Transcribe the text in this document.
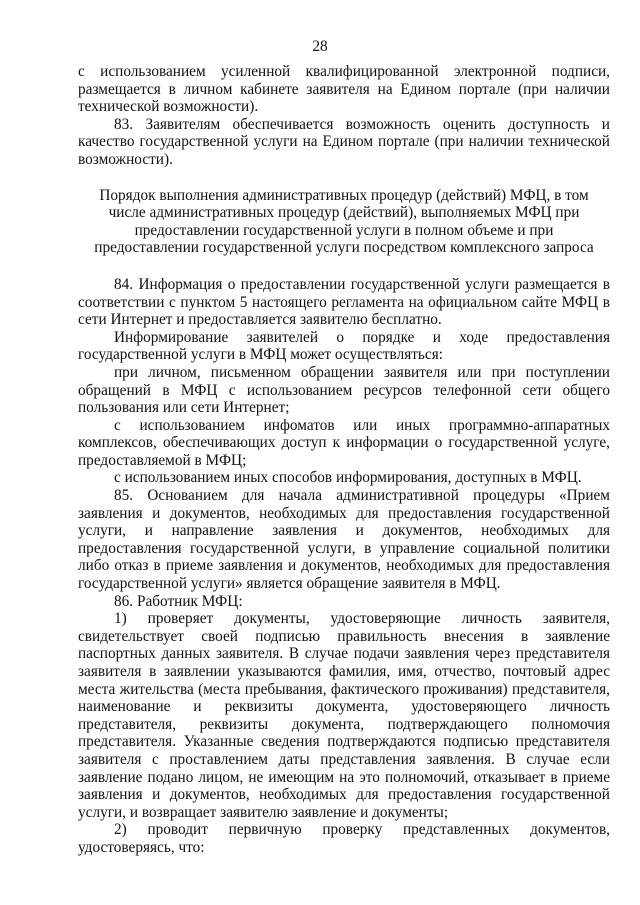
28

с использованием усиленной квалифицированной электронной подписи, размещается в личном кабинете заявителя на Едином портале (при наличии технической возможности).

83. Заявителям обеспечивается возможность оценить доступность и качество государственной услуги на Едином портале (при наличии технической возможности).

Порядок выполнения административных процедур (действий) МФЦ, в том числе административных процедур (действий), выполняемых МФЦ при предоставлении государственной услуги в полном объеме и при предоставлении государственной услуги посредством комплексного запроса

84. Информация о предоставлении государственной услуги размещается в соответствии с пунктом 5 настоящего регламента на официальном сайте МФЦ в сети Интернет и предоставляется заявителю бесплатно.

Информирование заявителей о порядке и ходе предоставления государственной услуги в МФЦ может осуществляться:

при личном, письменном обращении заявителя или при поступлении обращений в МФЦ с использованием ресурсов телефонной сети общего пользования или сети Интернет;

с использованием инфоматов или иных программно-аппаратных комплексов, обеспечивающих доступ к информации о государственной услуге, предоставляемой в МФЦ;

с использованием иных способов информирования, доступных в МФЦ.

85. Основанием для начала административной процедуры «Прием заявления и документов, необходимых для предоставления государственной услуги, и направление заявления и документов, необходимых для предоставления государственной услуги, в управление социальной политики либо отказ в приеме заявления и документов, необходимых для предоставления государственной услуги» является обращение заявителя в МФЦ.

86. Работник МФЦ:

1) проверяет документы, удостоверяющие личность заявителя, свидетельствует своей подписью правильность внесения в заявление паспортных данных заявителя. В случае подачи заявления через представителя заявителя в заявлении указываются фамилия, имя, отчество, почтовый адрес места жительства (места пребывания, фактического проживания) представителя, наименование и реквизиты документа, удостоверяющего личность представителя, реквизиты документа, подтверждающего полномочия представителя. Указанные сведения подтверждаются подписью представителя заявителя с проставлением даты представления заявления. В случае если заявление подано лицом, не имеющим на это полномочий, отказывает в приеме заявления и документов, необходимых для предоставления государственной услуги, и возвращает заявителю заявление и документы;

2) проводит первичную проверку представленных документов, удостоверяясь, что:
